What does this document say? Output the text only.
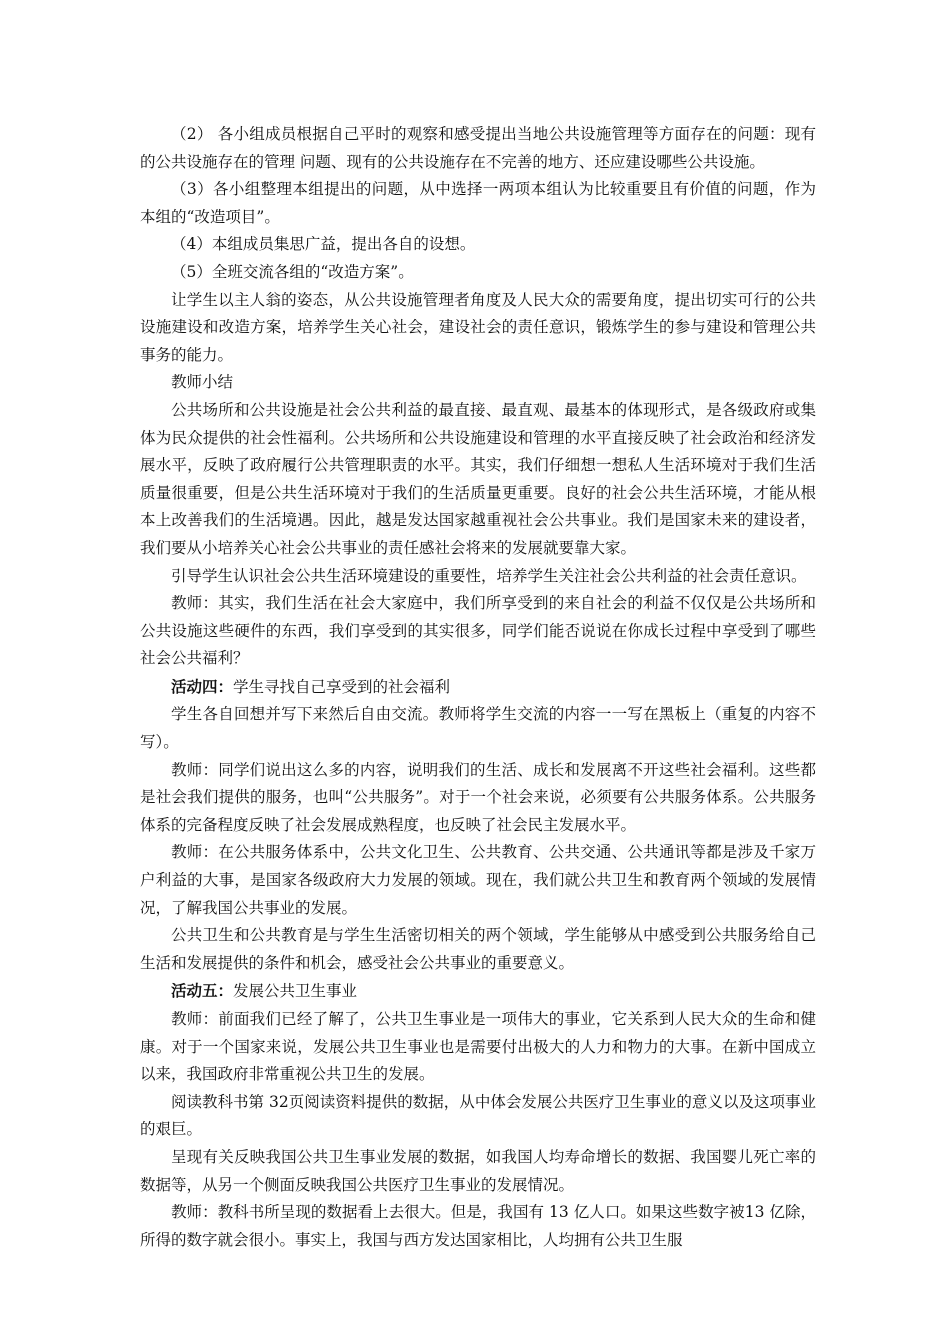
（2） 各小组成员根据自己平时的观察和感受提出当地公共设施管理等方面存在的问题：现有的公共设施存在的管理 问题、现有的公共设施存在不完善的地方、还应建设哪些公共设施。

（3）各小组整理本组提出的问题，从中选择一两项本组认为比较重要且有价值的问题，作为本组的“改造项目”。

（4）本组成员集思广益，提出各自的设想。

（5）全班交流各组的“改造方案”。

让学生以主人翁的姿态，从公共设施管理者角度及人民大众的需要角度，提出切实可行的公共设施建设和改造方案，培养学生关心社会，建设社会的责任意识，锻炼学生的参与建设和管理公共事务的能力。

教师小结

公共场所和公共设施是社会公共利益的最直接、最直观、最基本的体现形式，是各级政府或集体为民众提供的社会性福利。公共场所和公共设施建设和管理的水平直接反映了社会政治和经济发展水平，反映了政府履行公共管理职责的水平。其实，我们仔细想一想私人生活环境对于我们生活质量很重要，但是公共生活环境对于我们的生活质量更重要。良好的社会公共生活环境，才能从根本上改善我们的生活境遇。因此，越是发达国家越重视社会公共事业。我们是国家未来的建设者，我们要从小培养关心社会公共事业的责任感社会将来的发展就要靠大家。

引导学生认识社会公共生活环境建设的重要性，培养学生关注社会公共利益的社会责任意识。

教师：其实，我们生活在社会大家庭中，我们所享受到的来自社会的利益不仅仅是公共场所和公共设施这些硬件的东西，我们享受到的其实很多，同学们能否说说在你成长过程中享受到了哪些社会公共福利？

活动四：学生寻找自己享受到的社会福利

学生各自回想并写下来然后自由交流。教师将学生交流的内容一一写在黑板上（重复的内容不写）。

教师：同学们说出这么多的内容，说明我们的生活、成长和发展离不开这些社会福利。这些都是社会我们提供的服务，也叫“公共服务”。对于一个社会来说，必须要有公共服务体系。公共服务体系的完备程度反映了社会发展成熟程度，也反映了社会民主发展水平。

教师：在公共服务体系中，公共文化卫生、公共教育、公共交通、公共通讯等都是涉及千家万户利益的大事，是国家各级政府大力发展的领域。现在，我们就公共卫生和教育两个领域的发展情况，了解我国公共事业的发展。

公共卫生和公共教育是与学生生活密切相关的两个领域，学生能够从中感受到公共服务给自己生活和发展提供的条件和机会，感受社会公共事业的重要意义。

活动五：发展公共卫生事业

教师：前面我们已经了解了，公共卫生事业是一项伟大的事业，它关系到人民大众的生命和健康。对于一个国家来说，发展公共卫生事业也是需要付出极大的人力和物力的大事。在新中国成立以来，我国政府非常重视公共卫生的发展。

阅读教科书第 32页阅读资料提供的数据，从中体会发展公共医疗卫生事业的意义以及这项事业的艰巨。

呈现有关反映我国公共卫生事业发展的数据，如我国人均寿命增长的数据、我国婴儿死亡率的数据等，从另一个侧面反映我国公共医疗卫生事业的发展情况。

教师：教科书所呈现的数据看上去很大。但是，我国有 13 亿人口。如果这些数字被13 亿除，所得的数字就会很小。事实上，我国与西方发达国家相比，人均拥有公共卫生服
